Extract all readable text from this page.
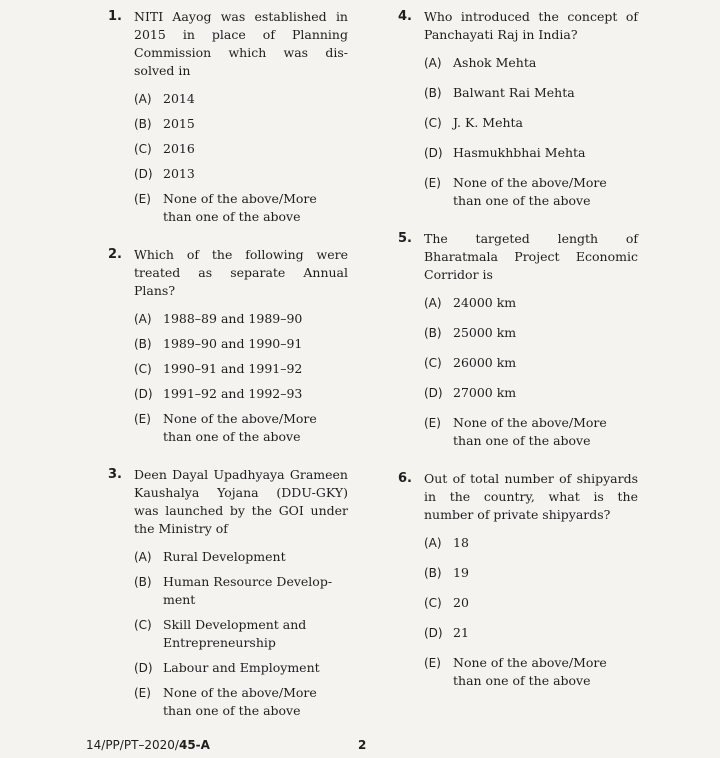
1. NITI Aayog was established in 2015 in place of Planning Commission which was dis-solved in

(A) 2014
(B) 2015
(C) 2016
(D) 2013
(E) None of the above/More than one of the above
2. Which of the following were treated as separate Annual Plans?

(A) 1988–89 and 1989–90
(B) 1989–90 and 1990–91
(C) 1990–91 and 1991–92
(D) 1991–92 and 1992–93
(E) None of the above/More than one of the above
3. Deen Dayal Upadhyaya Grameen Kaushalya Yojana (DDU-GKY) was launched by the GOI under the Ministry of

(A) Rural Development
(B) Human Resource Develop-ment
(C) Skill Development and Entrepreneurship
(D) Labour and Employment
(E) None of the above/More than one of the above
4. Who introduced the concept of Panchayati Raj in India?

(A) Ashok Mehta
(B) Balwant Rai Mehta
(C) J. K. Mehta
(D) Hasmukhbhai Mehta
(E) None of the above/More than one of the above
5. The targeted length of Bharatmala Project Economic Corridor is

(A) 24000 km
(B) 25000 km
(C) 26000 km
(D) 27000 km
(E) None of the above/More than one of the above
6. Out of total number of shipyards in the country, what is the number of private shipyards?

(A) 18
(B) 19
(C) 20
(D) 21
(E) None of the above/More than one of the above
14/PP/PT–2020/45-A	2
